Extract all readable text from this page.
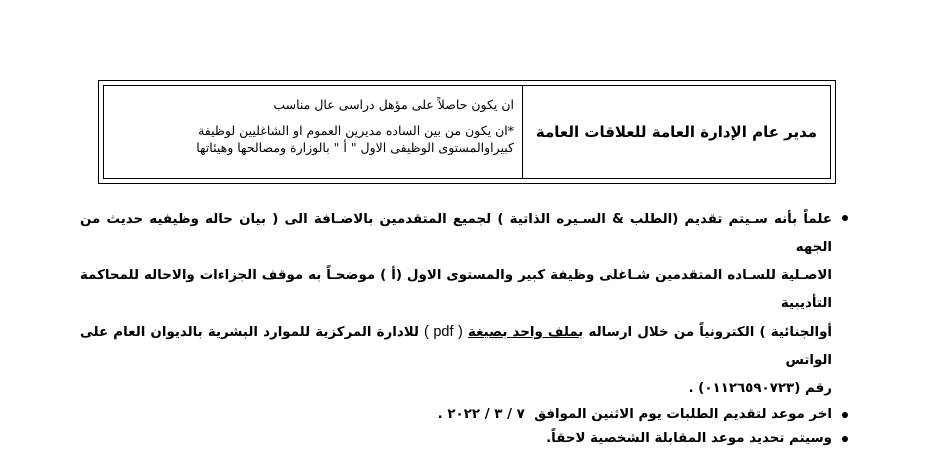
مدير عام الإدارة العامة للعلاقات العامة
ان يكون حاصلاً على مؤهل دراسى عال مناسب
*ان يكون من بين الساده مديرين العموم او الشاغليين لوظيفة
كبيراوالمستوى الوظيفى الاول " أ " بالوزارة ومصالحها وهيئاتها
علماً بأنه سـيتم تقديم (الطلب & السـيره الذاتية ) لجميع المتقدمين بالاضـافة الى ( بيان حاله وظيفيه حديث من الجهه
الاصـلية للسـاده المتقدمين شـاغلى وظيفة كبير والمستوى الاول (أ ) موضحـاً به موقف الجزاءات والاحاله للمحاكمة التأديبية
أوالجنائية ) الكترونياً من خلال ارساله بملف واحد بصيغة ( pdf ) للادارة المركزية للموارد البشرية بالديوان العام على الواتس
رقم (٠١١٢٦٥٩٠٧٢٣) .
اخر موعد لتقديم الطلبات يوم الاثنين الموافق  ٧ / ٣ / ٢٠٢٢ .
وسيتم تحديد موعد المقابلة الشخصية لاحقاً.
